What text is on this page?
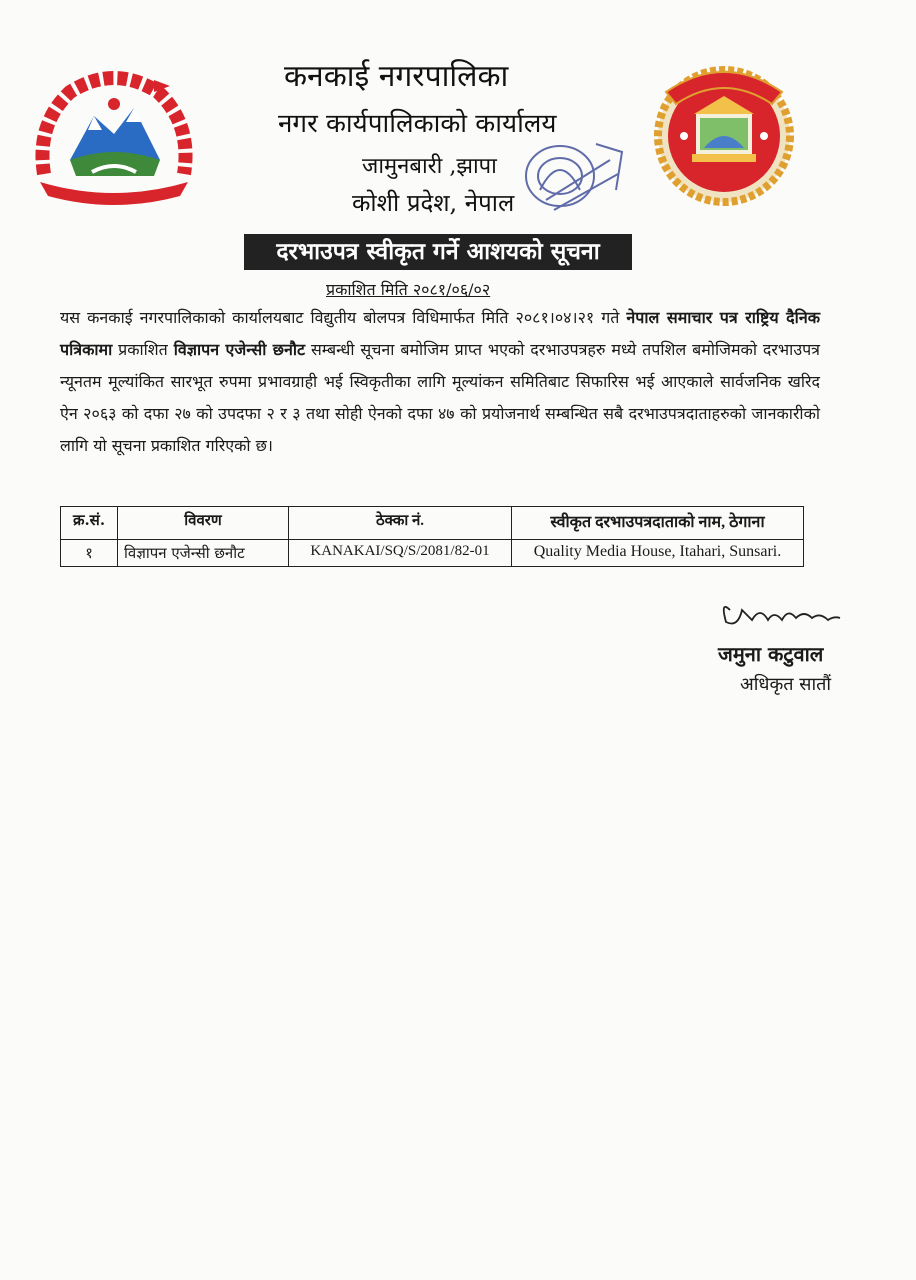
कनकाई नगरपालिका
नगर कार्यपालिकाको कार्यालय
जामुनबारी ,झापा
कोशी प्रदेश, नेपाल
दरभाउपत्र स्वीकृत गर्ने आशयको सूचना
प्रकाशित मिति २०८१/०६/०२
यस कनकाई नगरपालिकाको कार्यालयबाट विद्युतीय बोलपत्र विधिमार्फत मिति २०८१।०४।२१ गते नेपाल समाचार पत्र राष्ट्रिय दैनिक पत्रिकामा प्रकाशित विज्ञापन एजेन्सी छनौट सम्बन्धी सूचना बमोजिम प्राप्त भएको दरभाउपत्रहरु मध्ये तपशिल बमोजिमको दरभाउपत्र न्यूनतम मूल्यांकित सारभूत रुपमा प्रभावग्राही भई स्विकृतीका लागि मूल्यांकन समितिबाट सिफारिस भई आएकाले सार्वजनिक खरिद ऐन २०६३ को दफा २७ को उपदफा २ र ३ तथा सोही ऐनको दफा ४७ को प्रयोजनार्थ सम्बन्धित सबै दरभाउपत्रदाताहरुको जानकारीको लागि यो सूचना प्रकाशित गरिएको छ।
क्र.सं.	विवरण	ठेक्का नं.	स्वीकृत दरभाउपत्रदाताको नाम, ठेगाना
१	विज्ञापन एजेन्सी छनौट	KANAKAI/SQ/S/2081/82-01	Quality Media House, Itahari, Sunsari.
जमुना कटुवाल
अधिकृत सातौं
